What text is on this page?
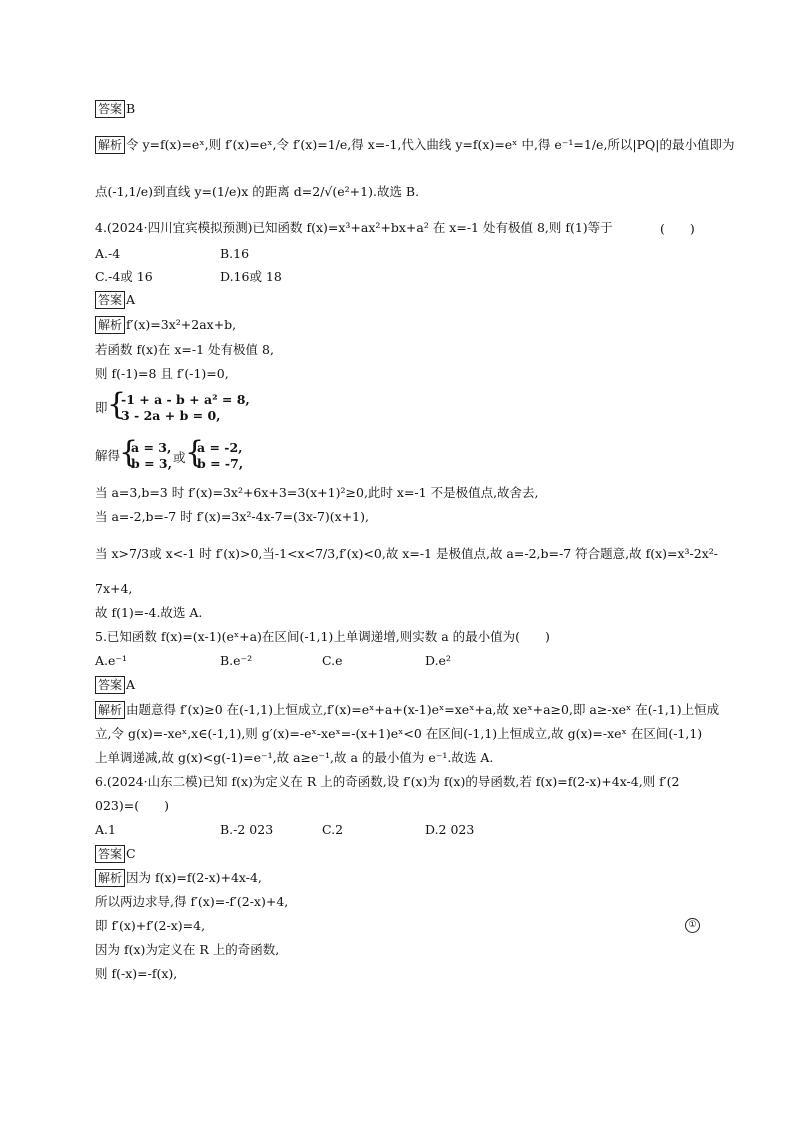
答案 B
解析 令 y=f(x)=eˣ,则 f′(x)=eˣ,令 f′(x)=1/e,得 x=-1,代入曲线 y=f(x)=eˣ 中,得 e⁻¹=1/e,所以|PQ|的最小值即为
点(-1,1/e)到直线 y=(1/e)x 的距离 d=2/√(e²+1).故选 B.
4.(2024·四川宜宾模拟预测)已知函数 f(x)=x³+ax²+bx+a² 在 x=-1 处有极值 8,则 f(1)等于	(　　)
A.-4	B.16
C.-4或 16	D.16或 18
答案 A
解析 f′(x)=3x²+2ax+b,
若函数 f(x)在 x=-1 处有极值 8,
则 f(-1)=8 且 f′(-1)=0,
即 {
-1 + a - b + a² = 8,
3 - 2a + b = 0,
解得
{
a = 3,
b = 3, 或 {
a = -2,
b = -7,
当 a=3,b=3 时 f′(x)=3x²+6x+3=3(x+1)²≥0,此时 x=-1 不是极值点,故舍去,
当 a=-2,b=-7 时 f′(x)=3x²-4x-7=(3x-7)(x+1),
当 x>7/3或 x<-1 时 f′(x)>0,当-1<x<7/3,f′(x)<0,故 x=-1 是极值点,故 a=-2,b=-7 符合题意,故 f(x)=x³-2x²-
7x+4,
故 f(1)=-4.故选 A.
5.已知函数 f(x)=(x-1)(eˣ+a)在区间(-1,1)上单调递增,则实数 a 的最小值为(　　)
A.e⁻¹	B.e⁻²	C.e	D.e²
答案 A
解析 由题意得 f′(x)≥0 在(-1,1)上恒成立,f′(x)=eˣ+a+(x-1)eˣ=xeˣ+a,故 xeˣ+a≥0,即 a≥-xeˣ 在(-1,1)上恒成
立,令 g(x)=-xeˣ,x∈(-1,1),则 g′(x)=-eˣ-xeˣ=-(x+1)eˣ<0 在区间(-1,1)上恒成立,故 g(x)=-xeˣ 在区间(-1,1)
上单调递减,故 g(x)<g(-1)=e⁻¹,故 a≥e⁻¹,故 a 的最小值为 e⁻¹.故选 A.
6.(2024·山东二模)已知 f(x)为定义在 R 上的奇函数,设 f′(x)为 f(x)的导函数,若 f(x)=f(2-x)+4x-4,则 f′(2
023)=(　　)
A.1	B.-2 023	C.2	D.2 023
答案 C
解析 因为 f(x)=f(2-x)+4x-4,
所以两边求导,得 f′(x)=-f′(2-x)+4,
即 f′(x)+f′(2-x)=4,	①
因为 f(x)为定义在 R 上的奇函数,
则 f(-x)=-f(x),
